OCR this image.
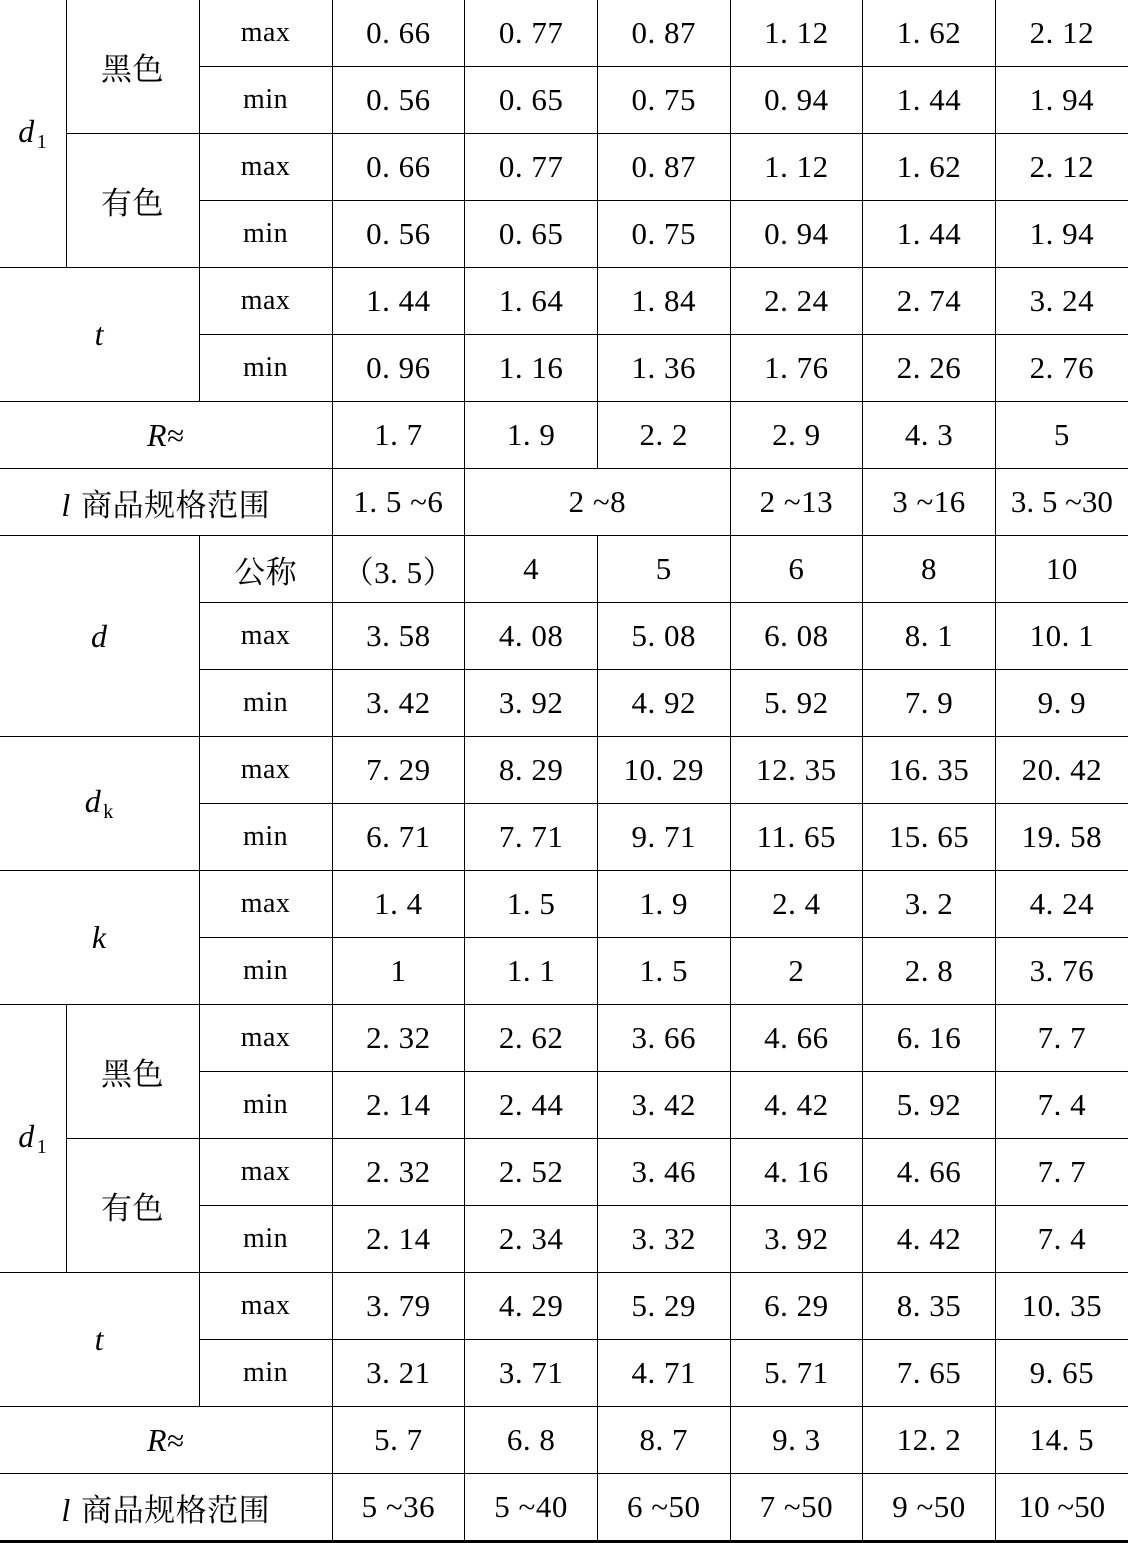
d $_1$	黑色	max	0. 66	0. 77	0. 87	1. 12	1. 62	2. 12
		min	0. 56	0. 65	0. 75	0. 94	1. 44	1. 94
	有色	max	0. 66	0. 77	0. 87	1. 12	1. 62	2. 12
		min	0. 56	0. 65	0. 75	0. 94	1. 44	1. 94
t		max	1. 44	1. 64	1. 84	2. 24	2. 74	3. 24
		min	0. 96	1. 16	1. 36	1. 76	2. 26	2. 76
R≈			1. 7	1. 9	2. 2	2. 9	4. 3	5
l 商品规格范围			1. 5 ~6	2 ~8		2 ~13	3 ~16	3. 5 ~30
d		公称	（3. 5）	4	5	6	8	10
		max	3. 58	4. 08	5. 08	6. 08	8. 1	10. 1
		min	3. 42	3. 92	4. 92	5. 92	7. 9	9. 9
d $_k$		max	7. 29	8. 29	10. 29	12. 35	16. 35	20. 42
		min	6. 71	7. 71	9. 71	11. 65	15. 65	19. 58
k		max	1. 4	1. 5	1. 9	2. 4	3. 2	4. 24
		min	1	1. 1	1. 5	2	2. 8	3. 76
d $_1$	黑色	max	2. 32	2. 62	3. 66	4. 66	6. 16	7. 7
		min	2. 14	2. 44	3. 42	4. 42	5. 92	7. 4
	有色	max	2. 32	2. 52	3. 46	4. 16	4. 66	7. 7
		min	2. 14	2. 34	3. 32	3. 92	4. 42	7. 4
t		max	3. 79	4. 29	5. 29	6. 29	8. 35	10. 35
		min	3. 21	3. 71	4. 71	5. 71	7. 65	9. 65
R≈			5. 7	6. 8	8. 7	9. 3	12. 2	14. 5
l 商品规格范围			5 ~36	5 ~40	6 ~50	7 ~50	9 ~50	10 ~50
